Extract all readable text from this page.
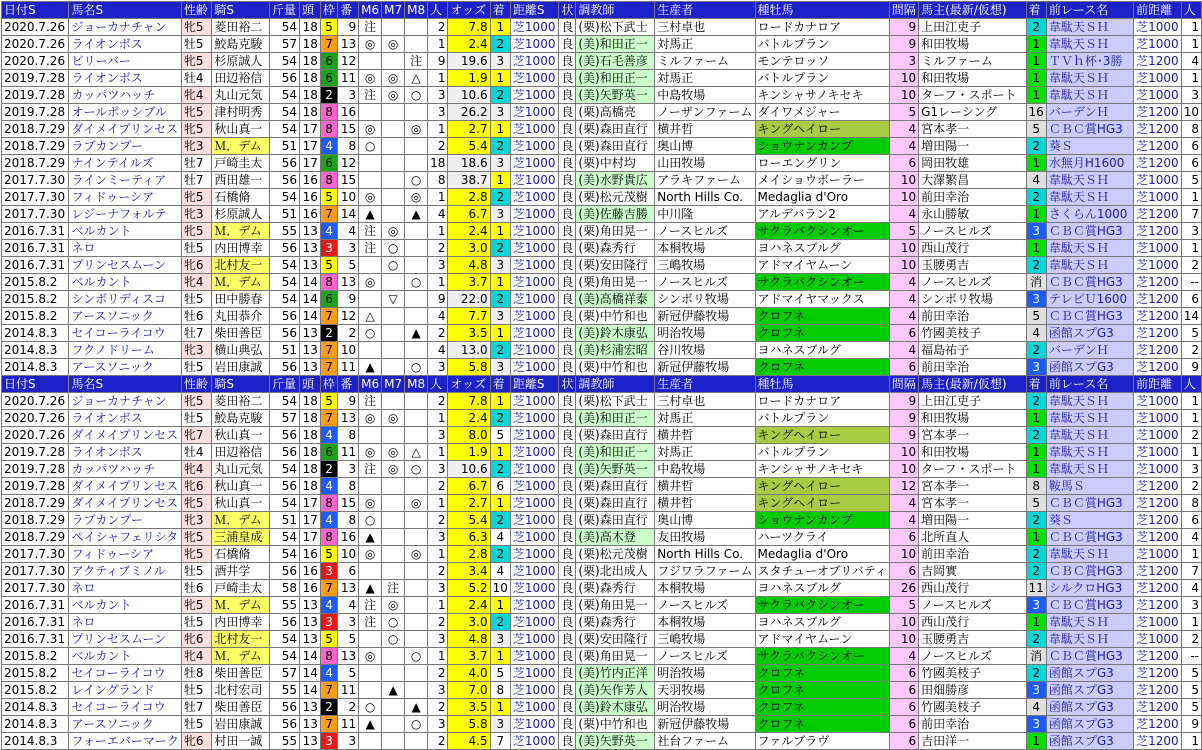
日付S	馬名S	性齢	騎S	斤量	頭	枠	番	M6	M7	M8	人	オッズ	着	距離S	状	調教師	生産者	種牡馬	間隔	馬主(最新/仮想)	着	前レース名	前距離	人
2020.7.26	ジョーカナチャン	牝5	菱田裕二	54	18	5	9	注			2	7.8	1	芝1000	良	(栗)松下武士	三村卓也	ロードカナロア	9	上田江吏子	2	韋駄天ＳＨ	芝1000	1
2020.7.26	ライオンボス	牡5	鮫島克駿	57	18	7	13	◎	◎		1	2.4	2	芝1000	良	(美)和田正一	対馬正	バトルプラン	9	和田牧場	1	韋駄天ＳＨ	芝1000	1
2020.7.26	ビリーバー	牝5	杉原誠人	54	18	6	12			注	9	19.6	3	芝1000	良	(美)石毛善彦	ミルファーム	モンテロッソ	3	ミルファーム	1	ＴＶｈ杯･3勝	芝1200	4
2019.7.28	ライオンボス	牡4	田辺裕信	56	18	6	11	◎	◎	△	1	1.9	1	芝1000	良	(美)和田正一	対馬正	バトルプラン	10	和田牧場	1	韋駄天ＳＨ	芝1000	1
2019.7.28	カッパツハッチ	牝4	丸山元気	54	18	2	3	注	◎	○	3	10.6	2	芝1000	良	(美)矢野英一	中島牧場	キンシャサノキセキ	10	ターフ・スポート	1	韋駄天ＳＨ	芝1000	3
2019.7.28	オールポッシブル	牝5	津村明秀	54	18	8	16				3	26.2	3	芝1000	良	(栗)高橋亮	ノーザンファーム	ダイワメジャー	5	G1レーシング	16	バーデンＨ	芝1200	10
2018.7.29	ダイメイプリンセス	牝5	秋山真一	54	17	8	15	◎		◎	1	2.7	1	芝1000	良	(栗)森田直行	横井哲	キングヘイロー	4	宮本孝一	5	ＣＢＣ賞HG3	芝1200	8
2018.7.29	ラブカンプー	牝3	Ｍ．デム	51	17	4	8	○			2	5.4	2	芝1000	良	(栗)森田直行	奥山博	ショウナンカンプ	4	増田陽一	2	葵Ｓ	芝1200	6
2018.7.29	ナインテイルズ	牡7	戸崎圭太	56	17	6	12				18	18.6	3	芝1000	良	(栗)中村均	山田牧場	ローエングリン	6	岡田牧雄	1	水無月H1600	芝1200	6
2017.7.30	ラインミーティア	牡7	西田雄一	56	16	8	15			○	8	38.7	1	芝1000	良	(美)水野貴広	アラキファーム	メイショウボーラー	10	大澤繁昌	4	韋駄天ＳＨ	芝1000	5
2017.7.30	フィドゥーシア	牝5	石橋脩	54	16	5	10	◎		◎	1	2.8	2	芝1000	良	(栗)松元茂樹	North Hills Co.	Medaglia d'Oro	10	前田幸治	2	韋駄天ＳＨ	芝1000	1
2017.7.30	レジーナフォルテ	牝3	杉原誠人	51	16	7	14	▲		▲	4	6.7	3	芝1000	良	(美)佐藤吉勝	中川隆	アルデバラン2	4	永山勝敏	1	さくらん1000	芝1200	7
2016.7.31	ベルカント	牝5	Ｍ．デム	55	13	4	4	注	◎		1	2.4	1	芝1000	良	(栗)角田晃一	ノースヒルズ	サクラバクシンオー	5	ノースヒルズ	3	ＣＢＣ賞HG3	芝1200	3
2016.7.31	ネロ	牡5	内田博幸	56	13	3	3	注	○		2	3.0	2	芝1000	良	(栗)森秀行	本桐牧場	ヨハネスブルグ	10	西山茂行	1	韋駄天ＳＨ	芝1000	1
2016.7.31	プリンセスムーン	牝6	北村友一	54	13	5	5		○		3	4.8	3	芝1000	良	(栗)安田隆行	三嶋牧場	アドマイヤムーン	10	玉腰勇吉	2	韋駄天ＳＨ	芝1000	2
2015.8.2	ベルカント	牝4	Ｍ．デム	54	14	8	13	◎		○	1	3.7	1	芝1000	良	(栗)角田晃一	ノースヒルズ	サクラバクシンオー	4	ノースヒルズ	消	ＣＢＣ賞HG3	芝1200	--
2015.8.2	シンボリディスコ	牡5	田中勝春	54	14	6	9		▽		9	22.0	2	芝1000	良	(美)高橋祥泰	シンボリ牧場	アドマイヤマックス	4	シンボリ牧場	3	テレビＵ1600	芝1200	6
2015.8.2	アースソニック	牡6	丸田恭介	56	14	7	12	△			4	7.7	3	芝1000	良	(栗)中竹和也	新冠伊藤牧場	クロフネ	4	前田幸治	5	ＣＢＣ賞HG3	芝1200	14
2014.8.3	セイコーライコウ	牡7	柴田善臣	56	13	2	2	○		▲	2	3.5	1	芝1000	良	(美)鈴木康弘	明治牧場	クロフネ	6	竹國美枝子	4	函館スプG3	芝1200	5
2014.8.3	フクノドリーム	牝3	横山典弘	51	13	7	10				4	13.0	2	芝1000	良	(美)杉浦宏昭	谷川牧場	ヨハネスブルグ	4	福島祐子	2	バーデンＨ	芝1200	2
2014.8.3	アースソニック	牡5	岩田康誠	56	13	7	11	▲		○	3	5.8	3	芝1000	良	(栗)中竹和也	新冠伊藤牧場	クロフネ	6	前田幸治	3	函館スプG3	芝1200	9
日付S	馬名S	性齢	騎S	斤量	頭	枠	番	M6	M7	M8	人	オッズ	着	距離S	状	調教師	生産者	種牡馬	間隔	馬主(最新/仮想)	着	前レース名	前距離	人
2020.7.26	ジョーカナチャン	牝5	菱田裕二	54	18	5	9	注			2	7.8	1	芝1000	良	(栗)松下武士	三村卓也	ロードカナロア	9	上田江吏子	2	韋駄天ＳＨ	芝1000	1
2020.7.26	ライオンボス	牡5	鮫島克駿	57	18	7	13	◎	◎		1	2.4	2	芝1000	良	(美)和田正一	対馬正	バトルプラン	9	和田牧場	1	韋駄天ＳＨ	芝1000	1
2020.7.26	ダイメイプリンセス	牝7	秋山真一	56	18	4	8				3	8.0	5	芝1000	良	(栗)森田直行	横井哲	キングヘイロー	9	宮本孝一	2	韋駄天ＳＨ	芝1000	2
2019.7.28	ライオンボス	牡4	田辺裕信	56	18	6	11	◎	◎	△	1	1.9	1	芝1000	良	(美)和田正一	対馬正	バトルプラン	10	和田牧場	1	韋駄天ＳＨ	芝1000	1
2019.7.28	カッパツハッチ	牝4	丸山元気	54	18	2	3	注	◎	○	3	10.6	2	芝1000	良	(美)矢野英一	中島牧場	キンシャサノキセキ	10	ターフ・スポート	1	韋駄天ＳＨ	芝1000	3
2019.7.28	ダイメイプリンセス	牝6	秋山真一	56	18	4	8				2	6.7	6	芝1000	良	(栗)森田直行	横井哲	キングヘイロー	12	宮本孝一	8	鞍馬Ｓ	芝1200	2
2018.7.29	ダイメイプリンセス	牝5	秋山真一	54	17	8	15	◎		◎	1	2.7	1	芝1000	良	(栗)森田直行	横井哲	キングヘイロー	4	宮本孝一	5	ＣＢＣ賞HG3	芝1200	8
2018.7.29	ラブカンプー	牝3	Ｍ．デム	51	17	4	8	○			2	5.4	2	芝1000	良	(栗)森田直行	奥山博	ショウナンカンプ	4	増田陽一	2	葵Ｓ	芝1200	6
2018.7.29	ペイシャフェリシタ	牝5	三浦皇成	54	17	8	16	▲			3	6.3	4	芝1000	良	(美)高木登	友田牧場	ハーツクライ	6	北所直人	1	ＣＢＣ賞HG3	芝1200	4
2017.7.30	フィドゥーシア	牝5	石橋脩	54	16	5	10	◎		◎	1	2.8	2	芝1000	良	(栗)松元茂樹	North Hills Co.	Medaglia d'Oro	10	前田幸治	2	韋駄天ＳＨ	芝1000	1
2017.7.30	アクティブミノル	牡5	酒井学	56	16	3	6				2	3.4	4	芝1000	良	(栗)北出成人	フジワラファーム	スタチューオブリバティ	6	吉岡實	2	ＣＢＣ賞HG3	芝1200	7
2017.7.30	ネロ	牡6	戸崎圭太	58	16	7	13	▲	注		3	5.2	10	芝1000	良	(栗)森秀行	本桐牧場	ヨハネスブルグ	26	西山茂行	11	シルクロHG3	芝1200	4
2016.7.31	ベルカント	牝5	Ｍ．デム	55	13	4	4	注	◎		1	2.4	1	芝1000	良	(栗)角田晃一	ノースヒルズ	サクラバクシンオー	5	ノースヒルズ	3	ＣＢＣ賞HG3	芝1200	3
2016.7.31	ネロ	牡5	内田博幸	56	13	3	3	注	○		2	3.0	2	芝1000	良	(栗)森秀行	本桐牧場	ヨハネスブルグ	10	西山茂行	1	韋駄天ＳＨ	芝1000	1
2016.7.31	プリンセスムーン	牝6	北村友一	54	13	5	5		○		3	4.8	3	芝1000	良	(栗)安田隆行	三嶋牧場	アドマイヤムーン	10	玉腰勇吉	2	韋駄天ＳＨ	芝1000	2
2015.8.2	ベルカント	牝4	Ｍ．デム	54	14	8	13	◎		○	1	3.7	1	芝1000	良	(栗)角田晃一	ノースヒルズ	サクラバクシンオー	4	ノースヒルズ	消	ＣＢＣ賞HG3	芝1200	--
2015.8.2	セイコーライコウ	牡8	柴田善臣	57	14	4	5				2	4.0	5	芝1000	良	(美)竹内正洋	明治牧場	クロフネ	6	竹國美枝子	2	函館スプG3	芝1200	5
2015.8.2	レイングランド	牡5	北村宏司	55	14	7	11		▲		3	7.0	8	芝1000	良	(美)矢作芳人	天羽牧場	クロフネ	6	田畑勝彦	3	函館スプG3	芝1200	5
2014.8.3	セイコーライコウ	牡7	柴田善臣	56	13	2	2	○		▲	2	3.5	1	芝1000	良	(美)鈴木康弘	明治牧場	クロフネ	6	竹國美枝子	4	函館スプG3	芝1200	5
2014.8.3	アースソニック	牡5	岩田康誠	56	13	7	11	▲		○	3	5.8	3	芝1000	良	(栗)中竹和也	新冠伊藤牧場	クロフネ	6	前田幸治	3	函館スプG3	芝1200	9
2014.8.3	フォーエバーマーク	牝6	村田一誠	55	13	3	3				2	4.5	7	芝1000	良	(美)矢野英一	社台ファーム	ファルブラヴ	6	吉田洋一	1	函館スプG3	芝1200	1
